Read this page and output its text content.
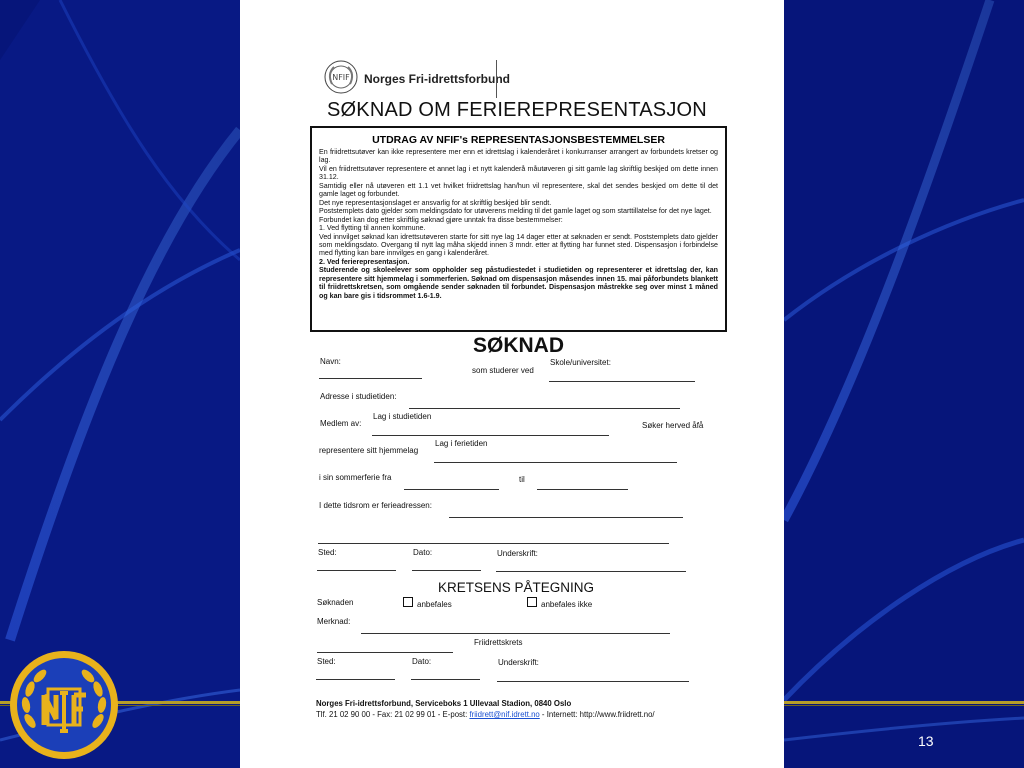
NFIF Norges Fri-idrettsforbund
SØKNAD OM FERIEREPRESENTASJON
UTDRAG AV NFIF's REPRESENTASJONSBESTEMMELSER
En friidrettsutøver kan ikke representere mer enn et idrettslag i kalenderåret i konkurranser arrangert av forbundets kretser og lag.
Vil en friidrettsutøver representere et annet lag i et nytt kalenderå måutøveren gi sitt gamle lag skriftlig beskjed om dette innen 31.12.
Samtidig eller nå utøveren ett 1.1 vet hvilket friidrettslag han/hun vil representere, skal det sendes beskjed om dette til det gamle laget og forbundet.
Det nye representasjonslaget er ansvarlig for at skriftlig beskjed blir sendt.
Poststemplets dato gjelder som meldingsdato for utøverens melding til det gamle laget og som starttillatelse for det nye laget.
Forbundet kan dog etter skriftlig søknad gjøre unntak fra disse bestemmelser:
1. Ved flytting til annen kommune.
Ved innvilget søknad kan idrettsutøveren starte for sitt nye lag 14 dager etter at søknaden er sendt. Poststemplets dato gjelder som meldingsdato. Overgang til nytt lag måha skjedd innen 3 mndr. etter at flytting har funnet sted. Dispensasjon i forbindelse med flytting kan bare innvilges en gang i kalenderåret.
2. Ved ferierepresentasjon.
Studerende og skoleelever som oppholder seg påstudiestedet i studietiden og representerer et idrettslag der, kan representere sitt hjemmelag i sommerferien. Søknad om dispensasjon måsendes innen 15. mai påforbundets blankett til friidrettskretsen, som omgående sender søknaden til forbundet. Dispensasjon måstrekke seg over minst 1 måned og kan bare gis i tidsrommet 1.6-1.9.
SØKNAD
Navn:
som studerer ved
Skole/universitet:
Adresse i studietiden:
Medlem av:
Lag i studietiden
Søker herved åfå
representere sitt hjemmelag
Lag i ferietiden
i sin sommerferie fra	til
I dette tidsrom er ferieadressen:
Sted:	Dato:	Underskrift:
KRETSENS PÅTEGNING
Søknaden	anbefales	anbefales ikke
Merknad:
Friidrettskrets
Sted:	Dato:	Underskrift:
Norges Fri-idrettsforbund, Serviceboks 1 Ullevaal Stadion, 0840 Oslo
Tlf. 21 02 90 00 - Fax: 21 02 99 01 - E-post: friidrett@nif.idrett.no - Internett: http://www.friidrett.no/
13
